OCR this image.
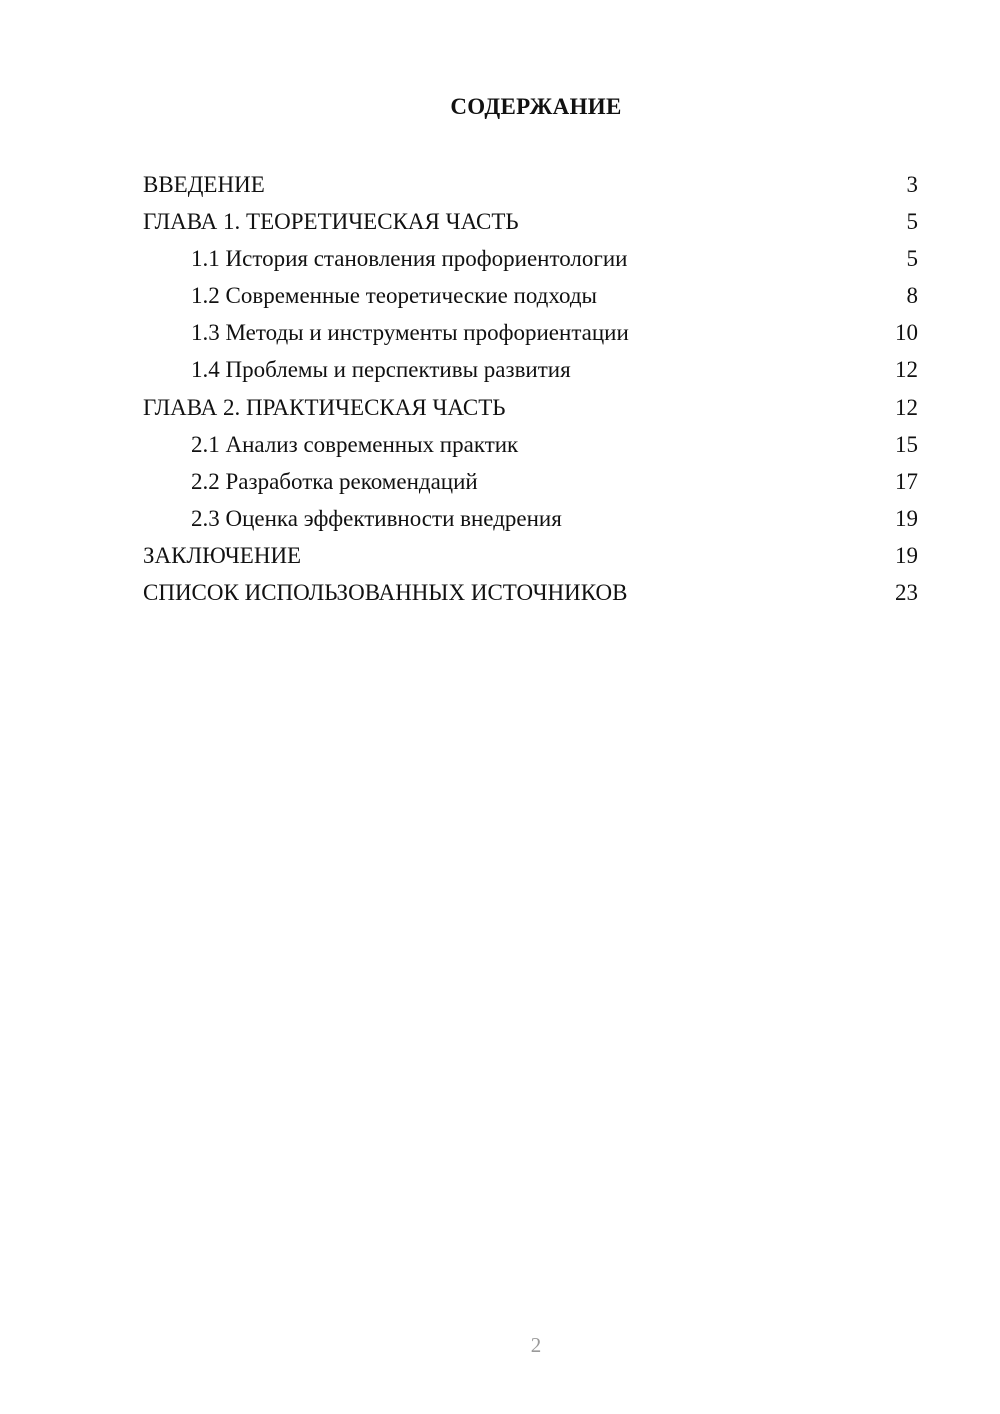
СОДЕРЖАНИЕ
ВВЕДЕНИЕ	3
ГЛАВА 1. ТЕОРЕТИЧЕСКАЯ ЧАСТЬ	5
1.1 История становления профориентологии	5
1.2 Современные теоретические подходы	8
1.3 Методы и инструменты профориентации	10
1.4 Проблемы и перспективы развития	12
ГЛАВА 2. ПРАКТИЧЕСКАЯ ЧАСТЬ	12
2.1 Анализ современных практик	15
2.2 Разработка рекомендаций	17
2.3 Оценка эффективности внедрения	19
ЗАКЛЮЧЕНИЕ	19
СПИСОК ИСПОЛЬЗОВАННЫХ ИСТОЧНИКОВ	23
2
